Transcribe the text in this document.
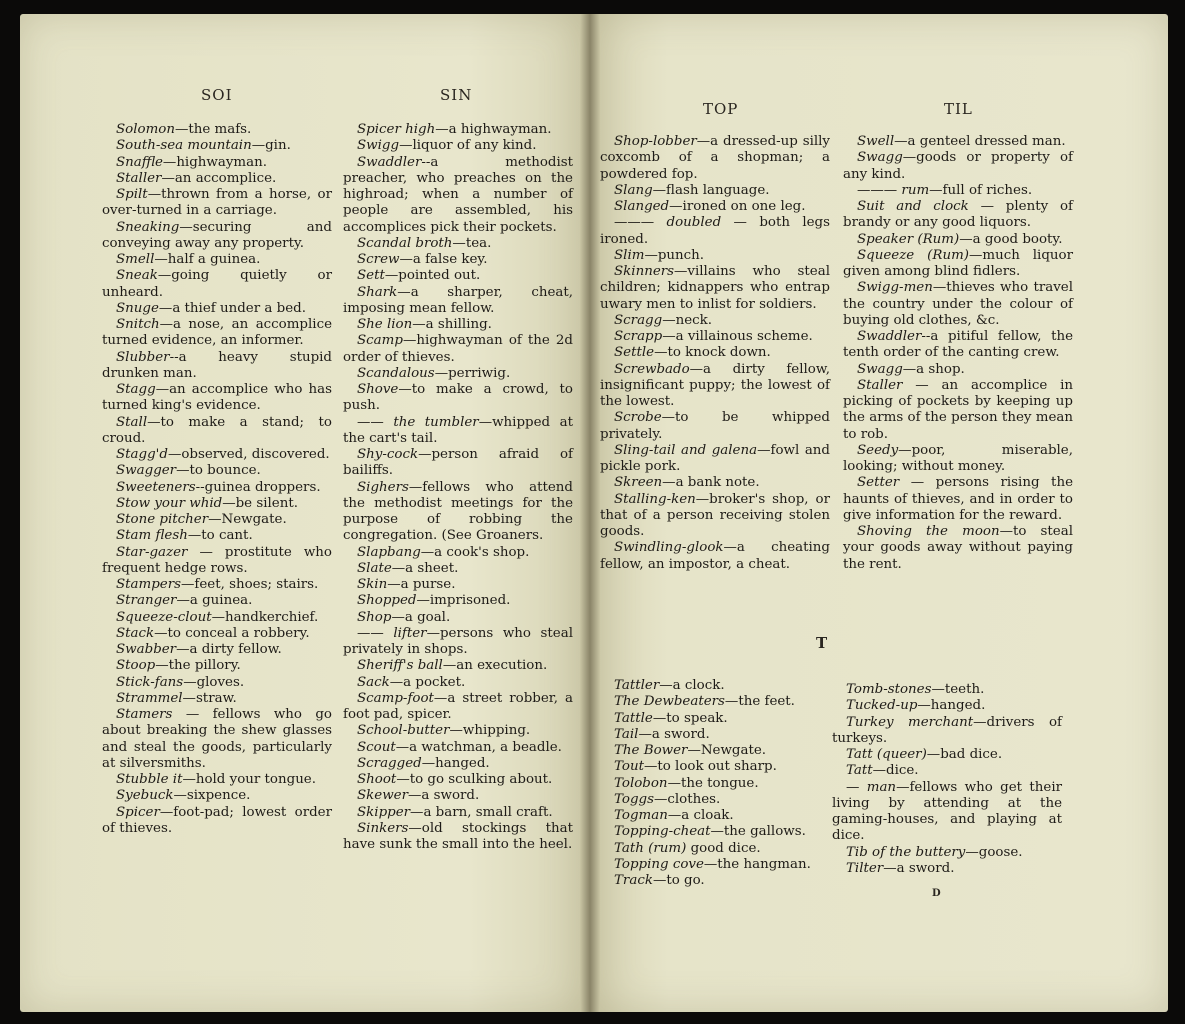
SOI	SIN
TOP	TIL

Solomon—the mafs.

South-sea mountain—gin.

Snaffle—highwayman.

Staller—an accomplice.

Spilt—thrown from a horse, or over-turned in a carriage.

Sneaking—securing and conveying away any property.

Smell—half a guinea.

Sneak—going quietly or unheard.

Snuge—a thief under a bed.

Snitch—a nose, an accomplice turned evidence, an informer.

Slubber--a heavy stupid drunken man.

Stagg—an accomplice who has turned king's evidence.

Stall—to make a stand; to croud.

Stagg'd—observed, discovered.

Swagger—to bounce.

Sweeteners--guinea droppers.

Stow your whid—be silent.

Stone pitcher—Newgate.

Stam flesh—to cant.

Star-gazer — prostitute who frequent hedge rows.

Stampers—feet, shoes; stairs.

Stranger—a guinea.

Squeeze-clout—handkerchief.

Stack—to conceal a robbery.

Swabber—a dirty fellow.

Stoop—the pillory.

Stick-fans—gloves.

Strammel—straw.

Stamers — fellows who go about breaking the shew glasses and steal the goods, particularly at silversmiths.

Stubble it—hold your tongue.

Syebuck—sixpence.

Spicer—foot-pad; lowest order of thieves.

Spicer high—a highwayman.

Swigg—liquor of any kind.

Swaddler--a methodist preacher, who preaches on the highroad; when a number of people are assembled, his accomplices pick their pockets.

Scandal broth—tea.

Screw—a false key.

Sett—pointed out.

Shark—a sharper, cheat, imposing mean fellow.

She lion—a shilling.

Scamp—highwayman of the 2d order of thieves.

Scandalous—perriwig.

Shove—to make a crowd, to push.

—— the tumbler—whipped at the cart's tail.

Shy-cock—person afraid of bailiffs.

Sighers—fellows who attend the methodist meetings for the purpose of robbing the congregation. (See Groaners.

Slapbang—a cook's shop.

Slate—a sheet.

Skin—a purse.

Shopped—imprisoned.

Shop—a goal.

—— lifter—persons who steal privately in shops.

Sheriff's ball—an execution.

Sack—a pocket.

Scamp-foot—a street robber, a foot pad, spicer.

School-butter—whipping.

Scout—a watchman, a beadle.

Scragged—hanged.

Shoot—to go sculking about.

Skewer—a sword.

Skipper—a barn, small craft.

Sinkers—old stockings that have sunk the small into the heel.

Shop-lobber—a dressed-up silly coxcomb of a shopman; a powdered fop.

Slang—flash language.

Slanged—ironed on one leg.

——— doubled — both legs ironed.

Slim—punch.

Skinners—villains who steal children; kidnappers who entrap uwary men to inlist for soldiers.

Scragg—neck.

Scrapp—a villainous scheme.

Settle—to knock down.

Screwbado—a dirty fellow, insignificant puppy; the lowest of the lowest.

Scrobe—to be whipped privately.

Sling-tail and galena—fowl and pickle pork.

Skreen—a bank note.

Stalling-ken—broker's shop, or that of a person receiving stolen goods.

Swindling-glook—a cheating fellow, an impostor, a cheat.

Swell—a genteel dressed man.

Swagg—goods or property of any kind.

——— rum—full of riches.

Suit and clock — plenty of brandy or any good liquors.

Speaker (Rum)—a good booty.

Squeeze (Rum)—much liquor given among blind fidlers.

Swigg-men—thieves who travel the country under the colour of buying old clothes, &c.

Swaddler--a pitiful fellow, the tenth order of the canting crew.

Swagg—a shop.

Staller — an accomplice in picking of pockets by keeping up the arms of the person they mean to rob.

Seedy—poor, miserable, looking; without money.

Setter — persons rising the haunts of thieves, and in order to give information for the reward.

Shoving the moon—to steal your goods away without paying the rent.

T

Tattler—a clock.

The Dewbeaters—the feet.

Tattle—to speak.

Tail—a sword.

The Bower—Newgate.

Tout—to look out sharp.

Tolobon—the tongue.

Toggs—clothes.

Togman—a cloak.

Topping-cheat—the gallows.

Tath (rum) good dice.

Topping cove—the hangman.

Track—to go.

Tomb-stones—teeth.

Tucked-up—hanged.

Turkey merchant—drivers of turkeys.

Tatt (queer)—bad dice.

Tatt—dice.

— man—fellows who get their living by attending at the gaming-houses, and playing at dice.

Tib of the buttery—goose.

Tilter—a sword.

D
